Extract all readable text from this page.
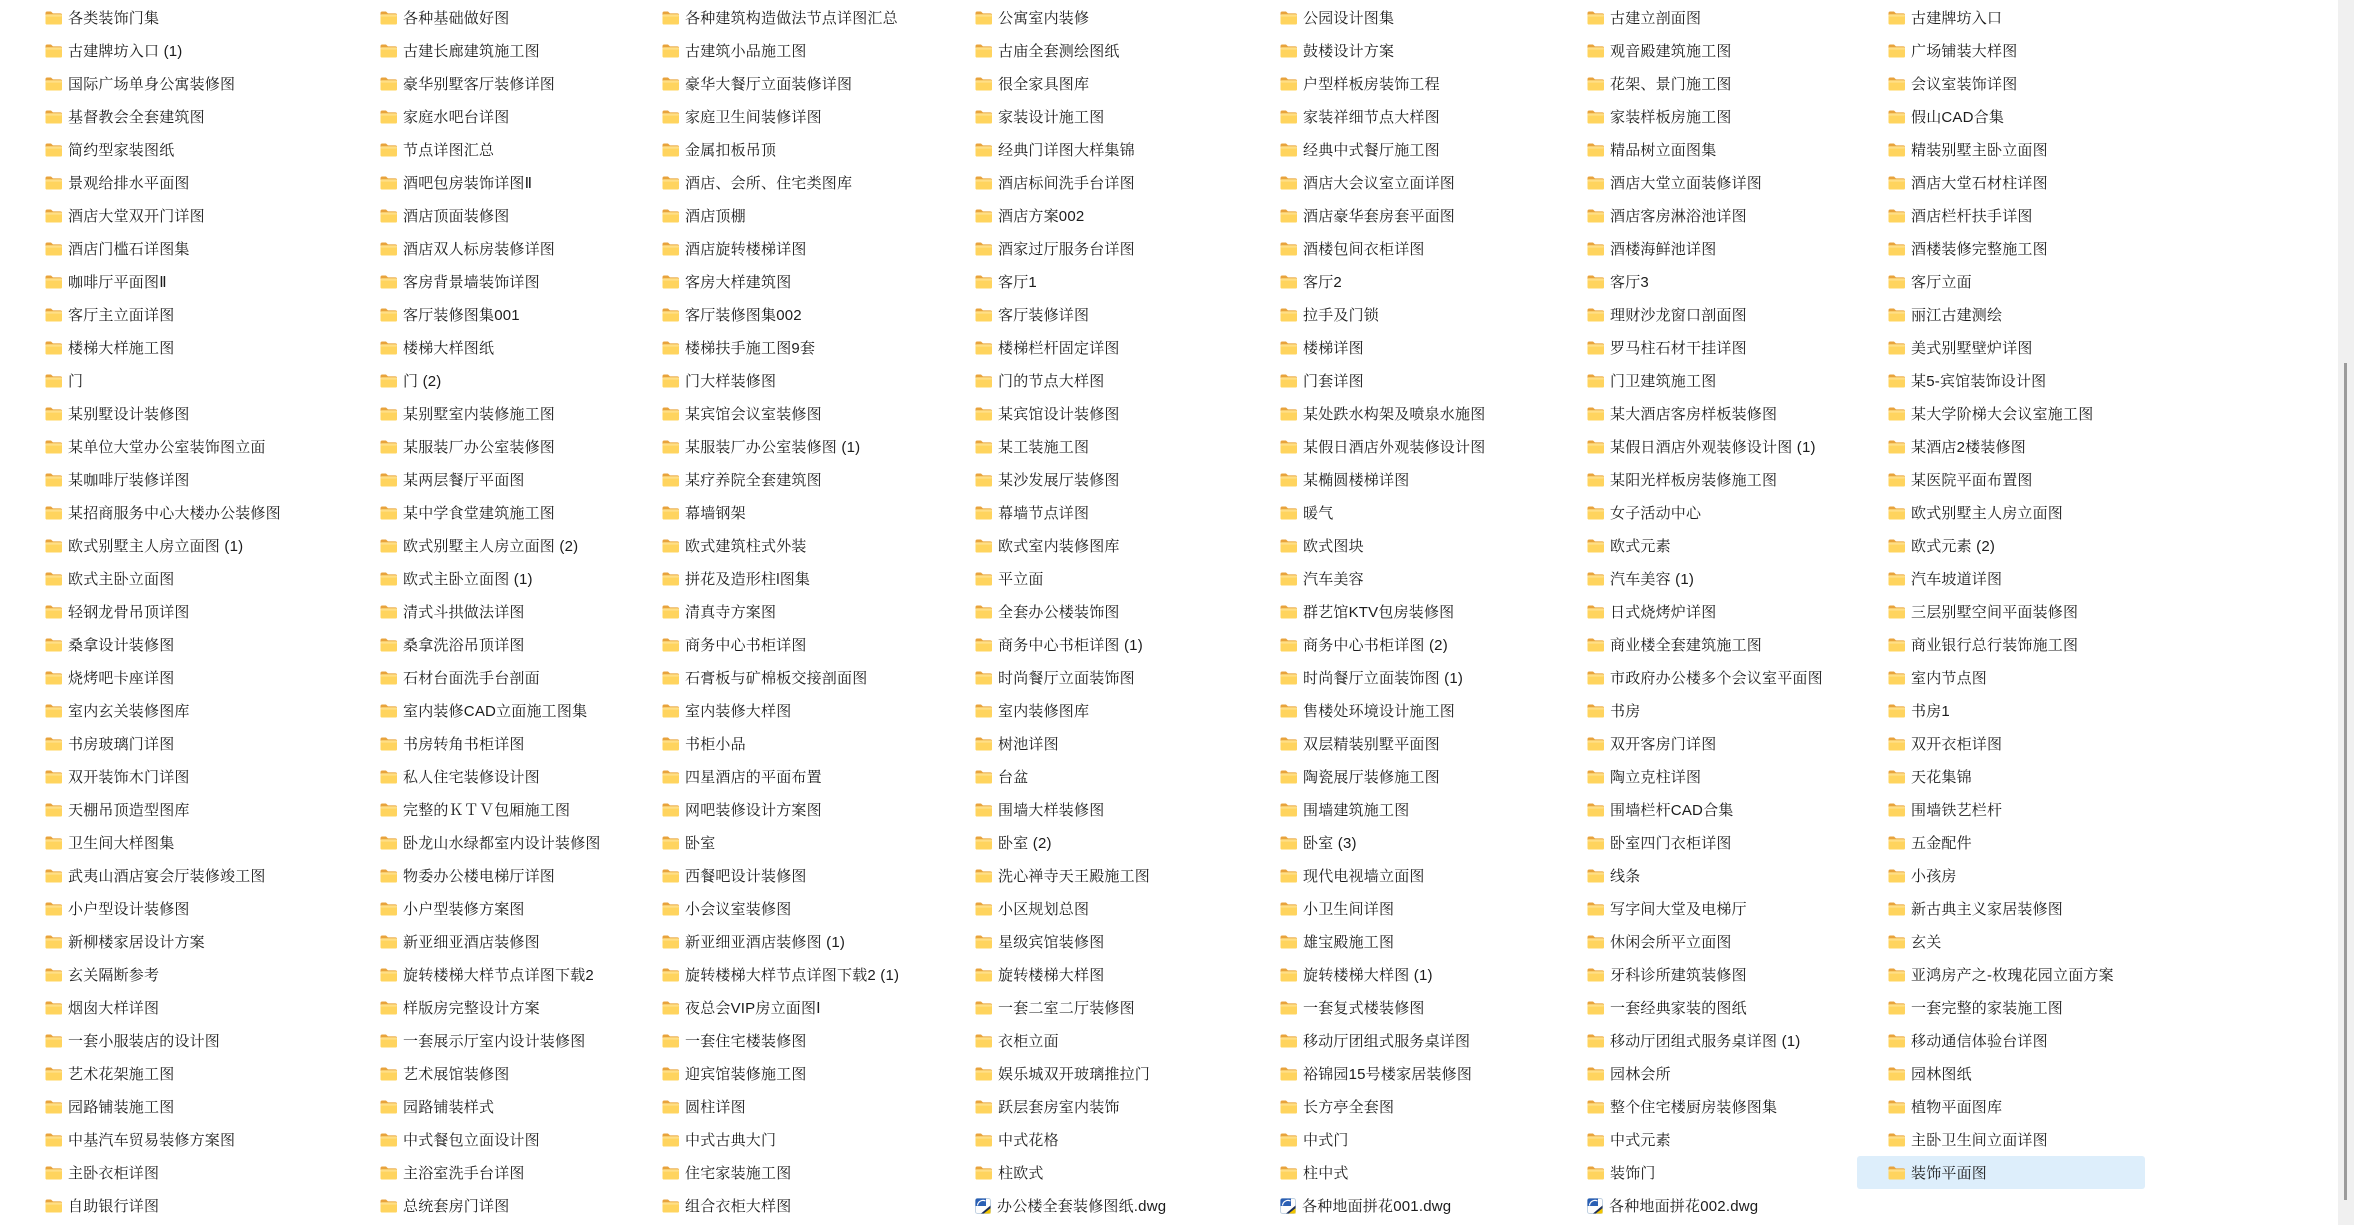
各类装饰门集
古建牌坊入口 (1)
国际广场单身公寓装修图
基督教会全套建筑图
简约型家装图纸
景观给排水平面图
酒店大堂双开门详图
酒店门槛石详图集
咖啡厅平面图Ⅱ
客厅主立面详图
楼梯大样施工图
门
某别墅设计装修图
某单位大堂办公室装饰图立面
某咖啡厅装修详图
某招商服务中心大楼办公装修图
欧式别墅主人房立面图 (1)
欧式主卧立面图
轻钢龙骨吊顶详图
桑拿设计装修图
烧烤吧卡座详图
室内玄关装修图库
书房玻璃门详图
双开装饰木门详图
天棚吊顶造型图库
卫生间大样图集
武夷山酒店宴会厅装修竣工图
小户型设计装修图
新柳楼家居设计方案
玄关隔断参考
烟囱大样详图
一套小服装店的设计图
艺术花架施工图
园路铺装施工图
中基汽车贸易装修方案图
主卧衣柜详图
自助银行详图
各种基础做好图
古建长廊建筑施工图
豪华别墅客厅装修详图
家庭水吧台详图
节点详图汇总
酒吧包房装饰详图Ⅱ
酒店顶面装修图
酒店双人标房装修详图
客房背景墙装饰详图
客厅装修图集001
楼梯大样图纸
门 (2)
某别墅室内装修施工图
某服装厂办公室装修图
某两层餐厅平面图
某中学食堂建筑施工图
欧式别墅主人房立面图 (2)
欧式主卧立面图 (1)
清式斗拱做法详图
桑拿洗浴吊顶详图
石材台面洗手台剖面
室内装修CAD立面施工图集
书房转角书柜详图
私人住宅装修设计图
完整的ＫＴＶ包厢施工图
卧龙山水绿都室内设计装修图
物委办公楼电梯厅详图
小户型装修方案图
新亚细亚酒店装修图
旋转楼梯大样节点详图下载2
样版房完整设计方案
一套展示厅室内设计装修图
艺术展馆装修图
园路铺装样式
中式餐包立面设计图
主浴室洗手台详图
总统套房门详图
各种建筑构造做法节点详图汇总
古建筑小品施工图
豪华大餐厅立面装修详图
家庭卫生间装修详图
金属扣板吊顶
酒店、会所、住宅类图库
酒店顶棚
酒店旋转楼梯详图
客房大样建筑图
客厅装修图集002
楼梯扶手施工图9套
门大样装修图
某宾馆会议室装修图
某服装厂办公室装修图 (1)
某疗养院全套建筑图
幕墙钢架
欧式建筑柱式外装
拼花及造形柱l图集
清真寺方案图
商务中心书柜详图
石膏板与矿棉板交接剖面图
室内装修大样图
书柜小品
四星酒店的平面布置
网吧装修设计方案图
卧室
西餐吧设计装修图
小会议室装修图
新亚细亚酒店装修图 (1)
旋转楼梯大样节点详图下载2 (1)
夜总会VIP房立面图Ⅰ
一套住宅楼装修图
迎宾馆装修施工图
圆柱详图
中式古典大门
住宅家装施工图
组合衣柜大样图
公寓室内装修
古庙全套测绘图纸
很全家具图库
家装设计施工图
经典门详图大样集锦
酒店标间洗手台详图
酒店方案002
酒家过厅服务台详图
客厅1
客厅装修详图
楼梯栏杆固定详图
门的节点大样图
某宾馆设计装修图
某工装施工图
某沙发展厅装修图
幕墙节点详图
欧式室内装修图库
平立面
全套办公楼装饰图
商务中心书柜详图 (1)
时尚餐厅立面装饰图
室内装修图库
树池详图
台盆
围墙大样装修图
卧室 (2)
洗心禅寺天王殿施工图
小区规划总图
星级宾馆装修图
旋转楼梯大样图
一套二室二厅装修图
衣柜立面
娱乐城双开玻璃推拉门
跃层套房室内装饰
中式花格
柱欧式
办公楼全套装修图纸.dwg
公园设计图集
鼓楼设计方案
户型样板房装饰工程
家装祥细节点大样图
经典中式餐厅施工图
酒店大会议室立面详图
酒店豪华套房套平面图
酒楼包间衣柜详图
客厅2
拉手及门锁
楼梯详图
门套详图
某处跌水构架及喷泉水施图
某假日酒店外观装修设计图
某椭圆楼梯详图
暖气
欧式图块
汽车美容
群艺馆KTV包房装修图
商务中心书柜详图 (2)
时尚餐厅立面装饰图 (1)
售楼处环境设计施工图
双层精装别墅平面图
陶瓷展厅装修施工图
围墙建筑施工图
卧室 (3)
现代电视墙立面图
小卫生间详图
雄宝殿施工图
旋转楼梯大样图 (1)
一套复式楼装修图
移动厅团组式服务桌详图
裕锦园15号楼家居装修图
长方亭全套图
中式门
柱中式
各种地面拼花001.dwg
古建立剖面图
观音殿建筑施工图
花架、景门施工图
家装样板房施工图
精品树立面图集
酒店大堂立面装修详图
酒店客房淋浴池详图
酒楼海鲜池详图
客厅3
理财沙龙窗口剖面图
罗马柱石材干挂详图
门卫建筑施工图
某大酒店客房样板装修图
某假日酒店外观装修设计图 (1)
某阳光样板房装修施工图
女子活动中心
欧式元素
汽车美容 (1)
日式烧烤炉详图
商业楼全套建筑施工图
市政府办公楼多个会议室平面图
书房
双开客房门详图
陶立克柱详图
围墙栏杆CAD合集
卧室四门衣柜详图
线条
写字间大堂及电梯厅
休闲会所平立面图
牙科诊所建筑装修图
一套经典家装的图纸
移动厅团组式服务桌详图 (1)
园林会所
整个住宅楼厨房装修图集
中式元素
装饰门
各种地面拼花002.dwg
古建牌坊入口
广场铺装大样图
会议室装饰详图
假山CAD合集
精装别墅主卧立面图
酒店大堂石材柱详图
酒店栏杆扶手详图
酒楼装修完整施工图
客厅立面
丽江古建测绘
美式别墅壁炉详图
某5-宾馆装饰设计图
某大学阶梯大会议室施工图
某酒店2楼装修图
某医院平面布置图
欧式别墅主人房立面图
欧式元素 (2)
汽车坡道详图
三层别墅空间平面装修图
商业银行总行装饰施工图
室内节点图
书房1
双开衣柜详图
天花集锦
围墙铁艺栏杆
五金配件
小孩房
新古典主义家居装修图
玄关
亚鸿房产之-枚瑰花园立面方案
一套完整的家装施工图
移动通信体验台详图
园林图纸
植物平面图库
主卧卫生间立面详图
装饰平面图
